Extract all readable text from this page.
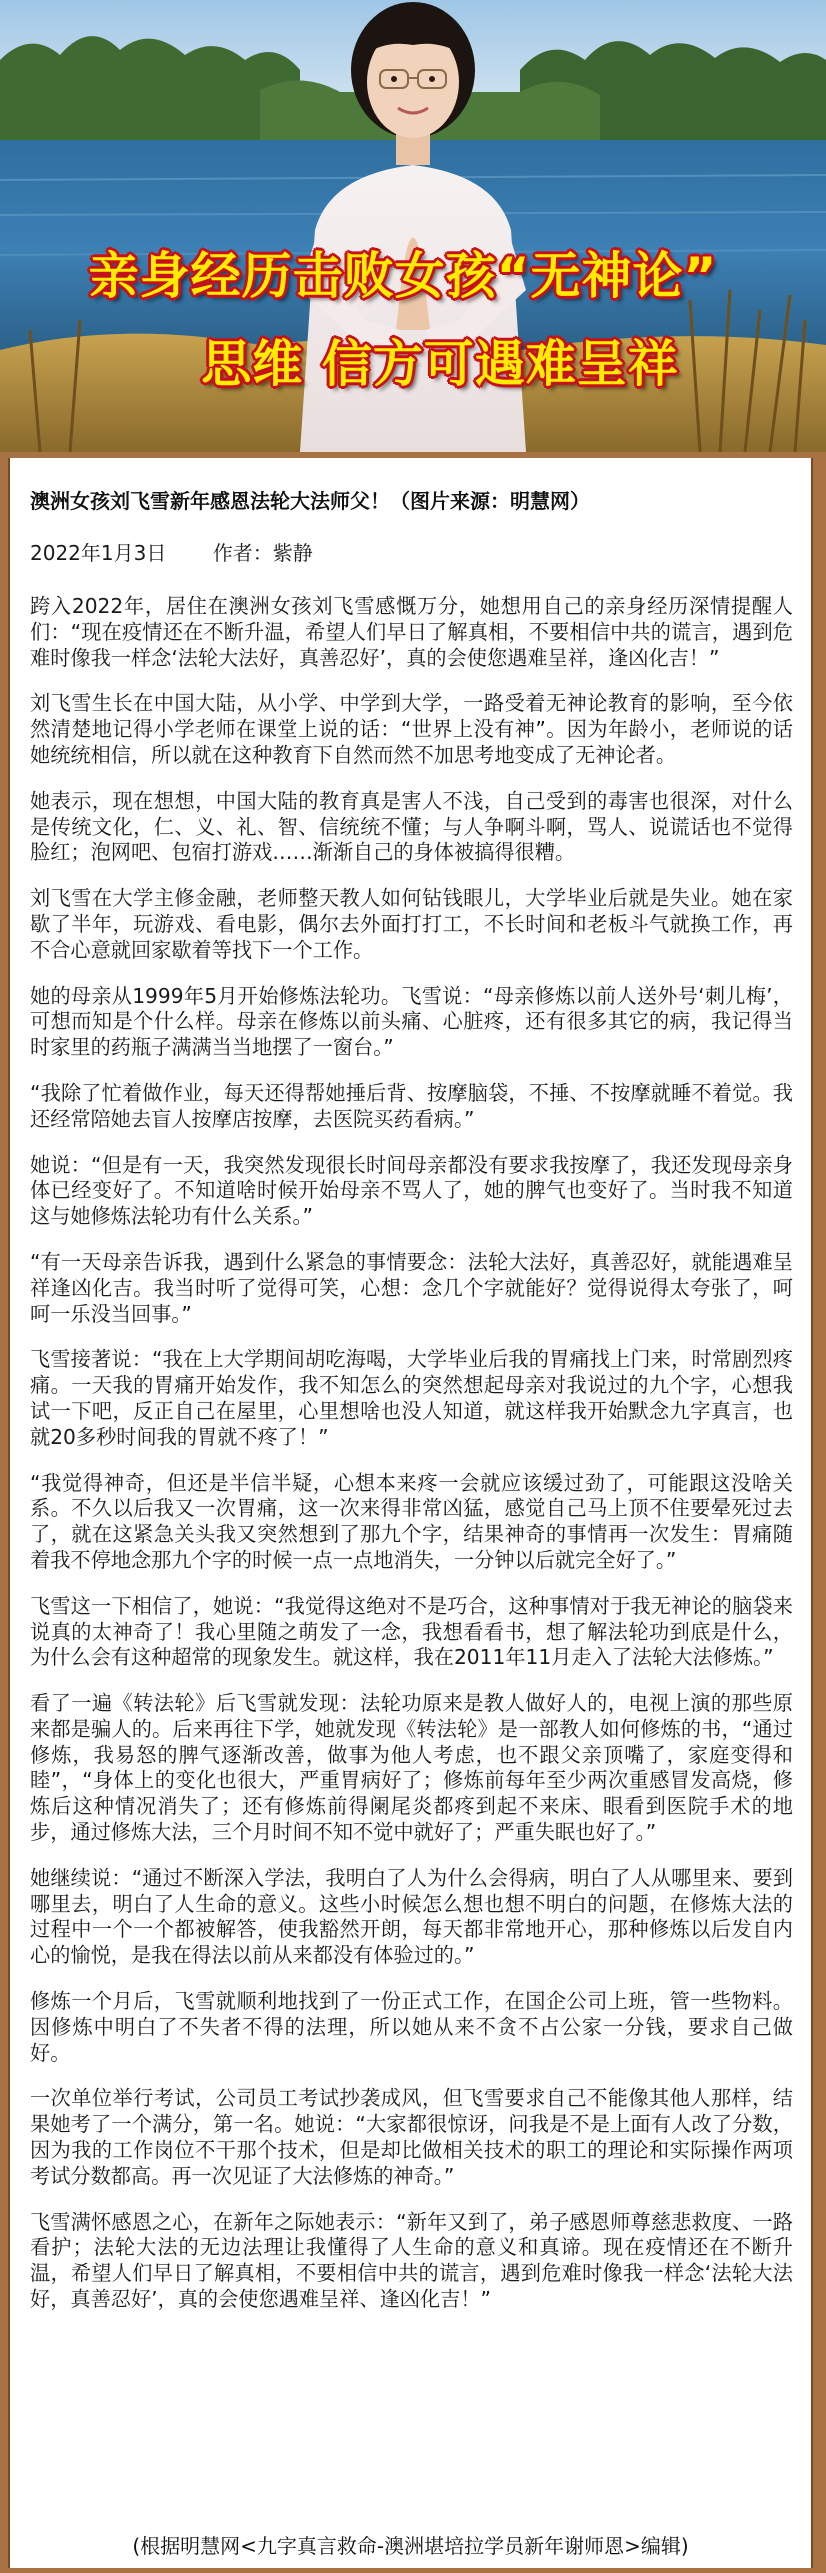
亲身经历击败女孩“无神论”
思维 信方可遇难呈祥
澳洲女孩刘飞雪新年感恩法轮大法师父！（图片来源：明慧网）
2022年1月3日 作者：紫静

跨入2022年，居住在澳洲女孩刘飞雪感慨万分，她想用自己的亲身经历深情提醒人们：“现在疫情还在不断升温，希望人们早日了解真相，不要相信中共的谎言，遇到危难时像我一样念‘法轮大法好，真善忍好’，真的会使您遇难呈祥，逢凶化吉！”

刘飞雪生长在中国大陆，从小学、中学到大学，一路受着无神论教育的影响，至今依然清楚地记得小学老师在课堂上说的话：“世界上没有神”。因为年龄小，老师说的话她统统相信，所以就在这种教育下自然而然不加思考地变成了无神论者。

她表示，现在想想，中国大陆的教育真是害人不浅，自己受到的毒害也很深，对什么是传统文化，仁、义、礼、智、信统统不懂；与人争啊斗啊，骂人、说谎话也不觉得脸红；泡网吧、包宿打游戏……渐渐自己的身体被搞得很糟。

刘飞雪在大学主修金融，老师整天教人如何钻钱眼儿，大学毕业后就是失业。她在家歇了半年，玩游戏、看电影，偶尔去外面打打工，不长时间和老板斗气就换工作，再不合心意就回家歇着等找下一个工作。

她的母亲从1999年5月开始修炼法轮功。飞雪说：“母亲修炼以前人送外号‘刺儿梅’，可想而知是个什么样。母亲在修炼以前头痛、心脏疼，还有很多其它的病，我记得当时家里的药瓶子满满当当地摆了一窗台。”

“我除了忙着做作业，每天还得帮她捶后背、按摩脑袋，不捶、不按摩就睡不着觉。我还经常陪她去盲人按摩店按摩，去医院买药看病。”

她说：“但是有一天，我突然发现很长时间母亲都没有要求我按摩了，我还发现母亲身体已经变好了。不知道啥时候开始母亲不骂人了，她的脾气也变好了。当时我不知道这与她修炼法轮功有什么关系。”

“有一天母亲告诉我，遇到什么紧急的事情要念：法轮大法好，真善忍好，就能遇难呈祥逢凶化吉。我当时听了觉得可笑，心想：念几个字就能好？觉得说得太夸张了，呵呵一乐没当回事。”

飞雪接著说：“我在上大学期间胡吃海喝，大学毕业后我的胃痛找上门来，时常剧烈疼痛。一天我的胃痛开始发作，我不知怎么的突然想起母亲对我说过的九个字，心想我试一下吧，反正自己在屋里，心里想啥也没人知道，就这样我开始默念九字真言，也就20多秒时间我的胃就不疼了！”

“我觉得神奇，但还是半信半疑，心想本来疼一会就应该缓过劲了，可能跟这没啥关系。不久以后我又一次胃痛，这一次来得非常凶猛，感觉自己马上顶不住要晕死过去了，就在这紧急关头我又突然想到了那九个字，结果神奇的事情再一次发生：胃痛随着我不停地念那九个字的时候一点一点地消失，一分钟以后就完全好了。”

飞雪这一下相信了，她说：“我觉得这绝对不是巧合，这种事情对于我无神论的脑袋来说真的太神奇了！我心里随之萌发了一念，我想看看书，想了解法轮功到底是什么，为什么会有这种超常的现象发生。就这样，我在2011年11月走入了法轮大法修炼。”

看了一遍《转法轮》后飞雪就发现：法轮功原来是教人做好人的，电视上演的那些原来都是骗人的。后来再往下学，她就发现《转法轮》是一部教人如何修炼的书，“通过修炼，我易怒的脾气逐渐改善，做事为他人考虑，也不跟父亲顶嘴了，家庭变得和睦”，“身体上的变化也很大，严重胃病好了；修炼前每年至少两次重感冒发高烧，修炼后这种情况消失了；还有修炼前得阑尾炎都疼到起不来床、眼看到医院手术的地步，通过修炼大法，三个月时间不知不觉中就好了；严重失眠也好了。”

她继续说：“通过不断深入学法，我明白了人为什么会得病，明白了人从哪里来、要到哪里去，明白了人生命的意义。这些小时候怎么想也想不明白的问题，在修炼大法的过程中一个一个都被解答，使我豁然开朗，每天都非常地开心，那种修炼以后发自内心的愉悦，是我在得法以前从来都没有体验过的。”

修炼一个月后，飞雪就顺利地找到了一份正式工作，在国企公司上班，管一些物料。因修炼中明白了不失者不得的法理，所以她从来不贪不占公家一分钱，要求自己做好。

一次单位举行考试，公司员工考试抄袭成风，但飞雪要求自己不能像其他人那样，结果她考了一个满分，第一名。她说：“大家都很惊讶，问我是不是上面有人改了分数，因为我的工作岗位不干那个技术，但是却比做相关技术的职工的理论和实际操作两项考试分数都高。再一次见证了大法修炼的神奇。”

飞雪满怀感恩之心，在新年之际她表示：“新年又到了，弟子感恩师尊慈悲救度、一路看护；法轮大法的无边法理让我懂得了人生命的意义和真谛。现在疫情还在不断升温，希望人们早日了解真相，不要相信中共的谎言，遇到危难时像我一样念‘法轮大法好，真善忍好’，真的会使您遇难呈祥、逢凶化吉！”

(根据明慧网<九字真言救命-澳洲堪培拉学员新年谢师恩>编辑)
